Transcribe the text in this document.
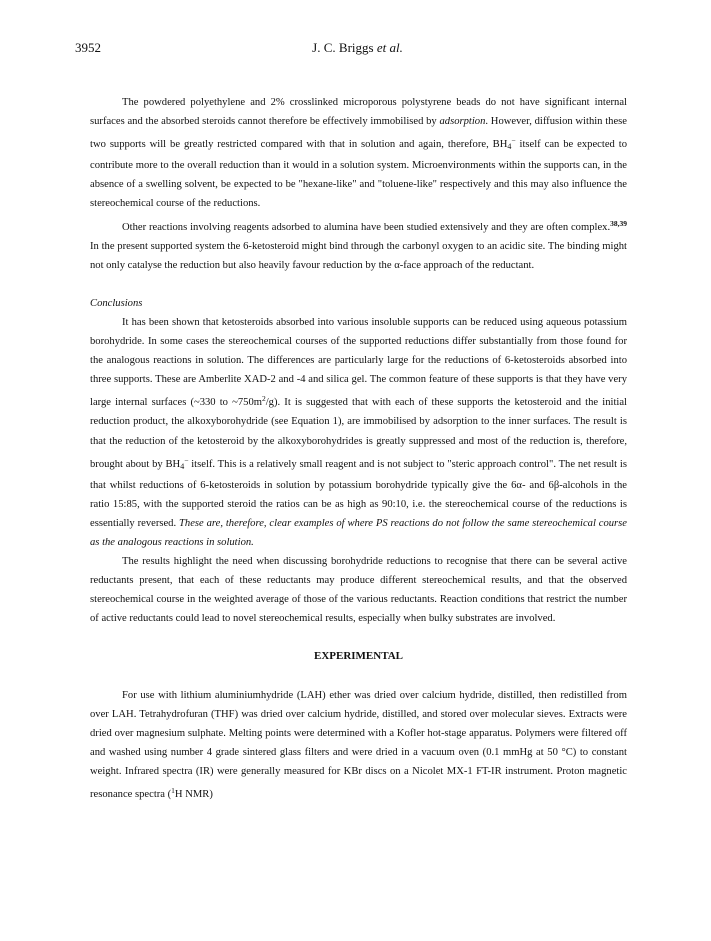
3952	J. C. Briggs et al.

The powdered polyethylene and 2% crosslinked microporous polystyrene beads do not have significant internal surfaces and the absorbed steroids cannot therefore be effectively immobilised by adsorption. However, diffusion within these two supports will be greatly restricted compared with that in solution and again, therefore, $BH_4^-$ itself can be expected to contribute more to the overall reduction than it would in a solution system. Microenvironments within the supports can, in the absence of a swelling solvent, be expected to be "hexane-like" and "toluene-like" respectively and this may also influence the stereochemical course of the reductions.

Other reactions involving reagents adsorbed to alumina have been studied extensively and they are often complex.$^{38,39}$ In the present supported system the 6-ketosteroid might bind through the carbonyl oxygen to an acidic site. The binding might not only catalyse the reduction but also heavily favour reduction by the α-face approach of the reductant.

Conclusions

It has been shown that ketosteroids absorbed into various insoluble supports can be reduced using aqueous potassium borohydride. In some cases the stereochemical courses of the supported reductions differ substantially from those found for the analogous reactions in solution. The differences are particularly large for the reductions of 6-ketosteroids absorbed into three supports. These are Amberlite XAD-2 and -4 and silica gel. The common feature of these supports is that they have very large internal surfaces (~330 to $\sim 750m^2/g$). It is suggested that with each of these supports the ketosteroid and the initial reduction product, the alkoxyborohydride (see Equation 1), are immobilised by adsorption to the inner surfaces. The result is that the reduction of the ketosteroid by the alkoxyborohydrides is greatly suppressed and most of the reduction is, therefore, brought about by $BH_4^-$ itself. This is a relatively small reagent and is not subject to "steric approach control". The net result is that whilst reductions of 6-ketosteroids in solution by potassium borohydride typically give the 6α- and 6β-alcohols in the ratio 15:85, with the supported steroid the ratios can be as high as 90:10, i.e. the stereochemical course of the reductions is essentially reversed. These are, therefore, clear examples of where PS reactions do not follow the same stereochemical course as the analogous reactions in solution.

The results highlight the need when discussing borohydride reductions to recognise that there can be several active reductants present, that each of these reductants may produce different stereochemical results, and that the observed stereochemical course in the weighted average of those of the various reductants. Reaction conditions that restrict the number of active reductants could lead to novel stereochemical results, especially when bulky substrates are involved.

EXPERIMENTAL

For use with lithium aluminiumhydride (LAH) ether was dried over calcium hydride, distilled, then redistilled from over LAH. Tetrahydrofuran (THF) was dried over calcium hydride, distilled, and stored over molecular sieves. Extracts were dried over magnesium sulphate. Melting points were determined with a Kofler hot-stage apparatus. Polymers were filtered off and washed using number 4 grade sintered glass filters and were dried in a vacuum oven (0.1 mmHg at 50 °C) to constant weight. Infrared spectra (IR) were generally measured for KBr discs on a Nicolet MX-1 FT-IR instrument. Proton magnetic resonance spectra ($^1$H NMR)
